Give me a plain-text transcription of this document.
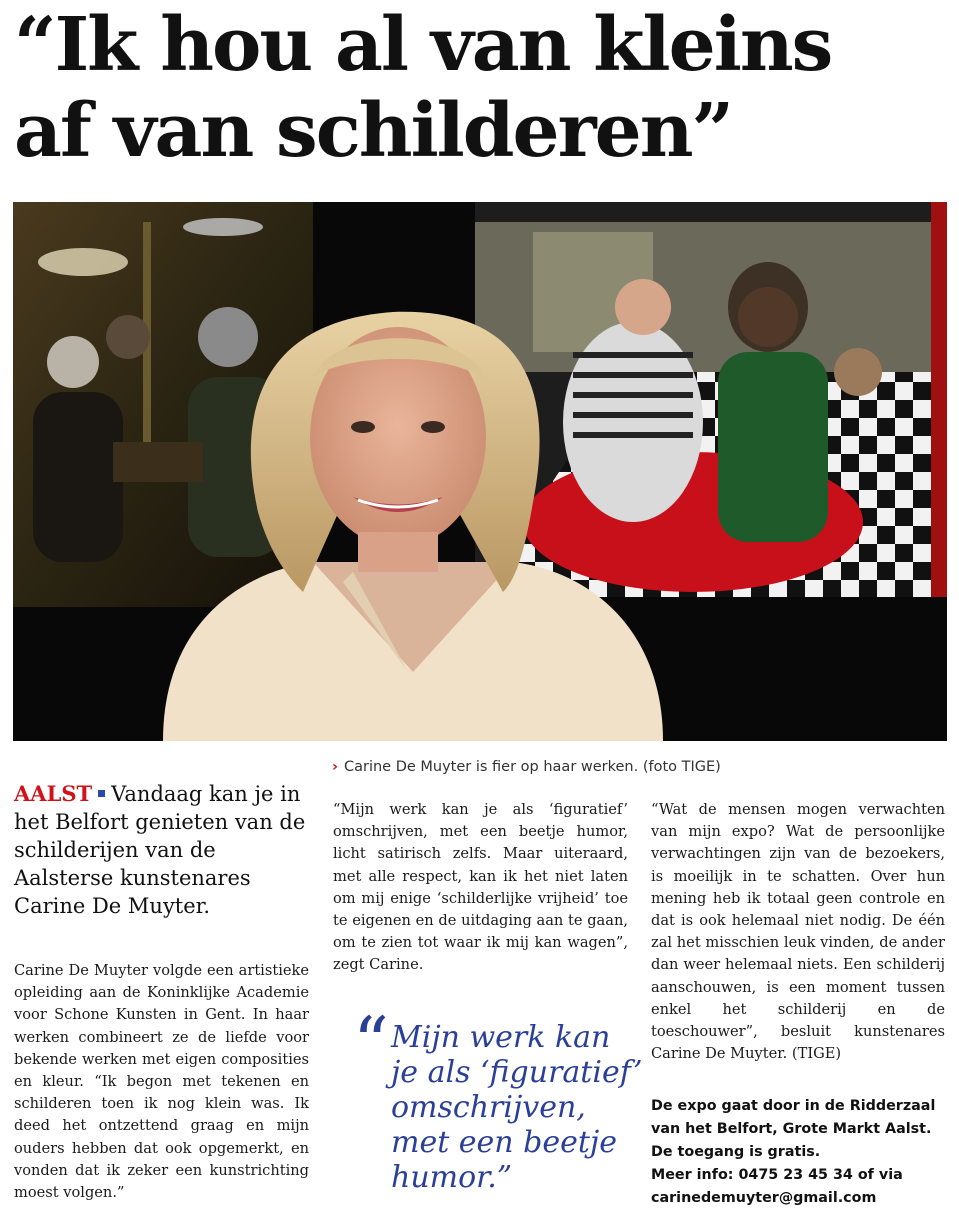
“Ik hou al van kleins
af van schilderen”
› Carine De Muyter is fier op haar werken. (foto TIGE)
AALST Vandaag kan je in het Belfort genieten van de schilderijen van de Aalsterse kunstenares Carine De Muyter.
Carine De Muyter volgde een artistieke opleiding aan de Koninklijke Academie voor Schone Kunsten in Gent. In haar werken combineert ze de liefde voor bekende werken met eigen composities en kleur. “Ik begon met tekenen en schilderen toen ik nog klein was. Ik deed het ontzettend graag en mijn ouders hebben dat ook opgemerkt, en vonden dat ik zeker een kunstrichting moest volgen.”
“Mijn werk kan je als ‘figuratief’ omschrijven, met een beetje humor, licht satirisch zelfs. Maar uiteraard, met alle respect, kan ik het niet laten om mij enige ‘schilderlijke vrijheid’ toe te eigenen en de uitdaging aan te gaan, om te zien tot waar ik mij kan wagen”, zegt Carine.
“Wat de mensen mogen verwachten van mijn expo? Wat de persoonlijke verwachtingen zijn van de bezoekers, is moeilijk in te schatten. Over hun mening heb ik totaal geen controle en dat is ook helemaal niet nodig. De één zal het misschien leuk vinden, de ander dan weer helemaal niets. Een schilderij aanschouwen, is een moment tussen enkel het schilderij en de toeschouwer”, besluit kunstenares Carine De Muyter. (TIGE)
“ Mijn werk kan je als ‘figuratief’ omschrijven, met een beetje humor.”
De expo gaat door in de Ridderzaal
van het Belfort, Grote Markt Aalst.
De toegang is gratis.
Meer info: 0475 23 45 34 of via
carinedemuyter@gmail.com
